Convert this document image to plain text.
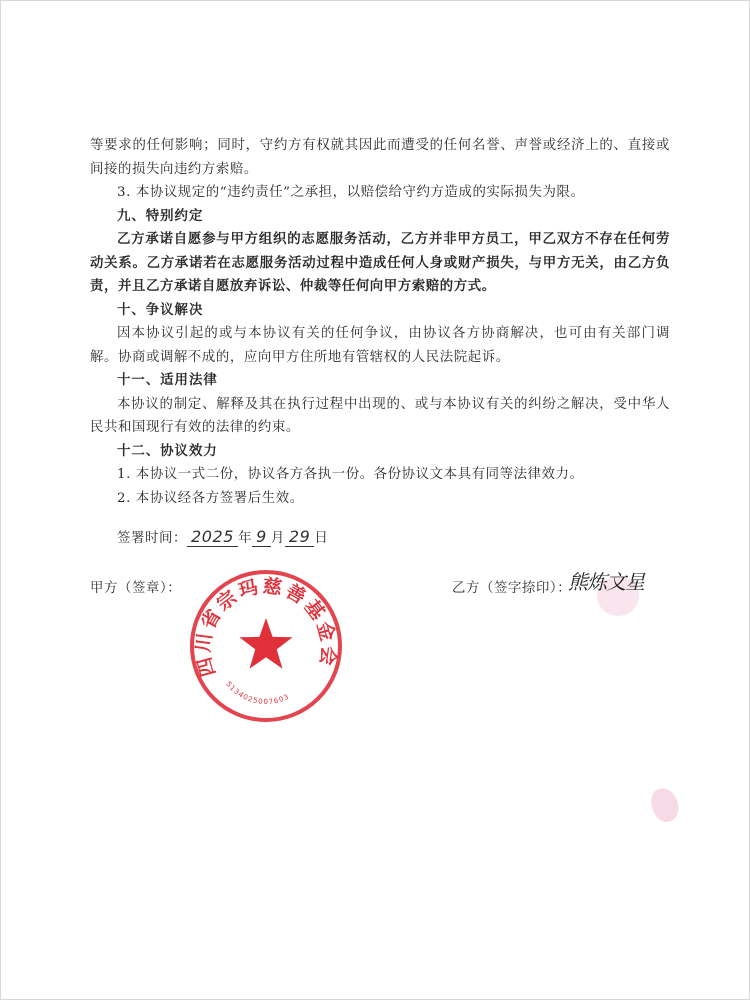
等要求的任何影响；同时，守约方有权就其因此而遭受的任何名誉、声誉或经济上的、直接或间接的损失向违约方索赔。

3. 本协议规定的“违约责任”之承担，以赔偿给守约方造成的实际损失为限。

九、特别约定

乙方承诺自愿参与甲方组织的志愿服务活动，乙方并非甲方员工，甲乙双方不存在任何劳动关系。乙方承诺若在志愿服务活动过程中造成任何人身或财产损失，与甲方无关，由乙方负责，并且乙方承诺自愿放弃诉讼、仲裁等任何向甲方索赔的方式。

十、争议解决

因本协议引起的或与本协议有关的任何争议，由协议各方协商解决，也可由有关部门调解。协商或调解不成的，应向甲方住所地有管辖权的人民法院起诉。

十一、适用法律

本协议的制定、解释及其在执行过程中出现的、或与本协议有关的纠纷之解决，受中华人民共和国现行有效的法律的约束。

十二、协议效力

1. 本协议一式二份，协议各方各执一份。各份协议文本具有同等法律效力。

2. 本协议经各方签署后生效。

签署时间： 2025 年 9 月 29 日
甲方（签章）：	乙方（签字捺印）：
熊炼文星
四川省宗玛慈善基金会
5134025007603
